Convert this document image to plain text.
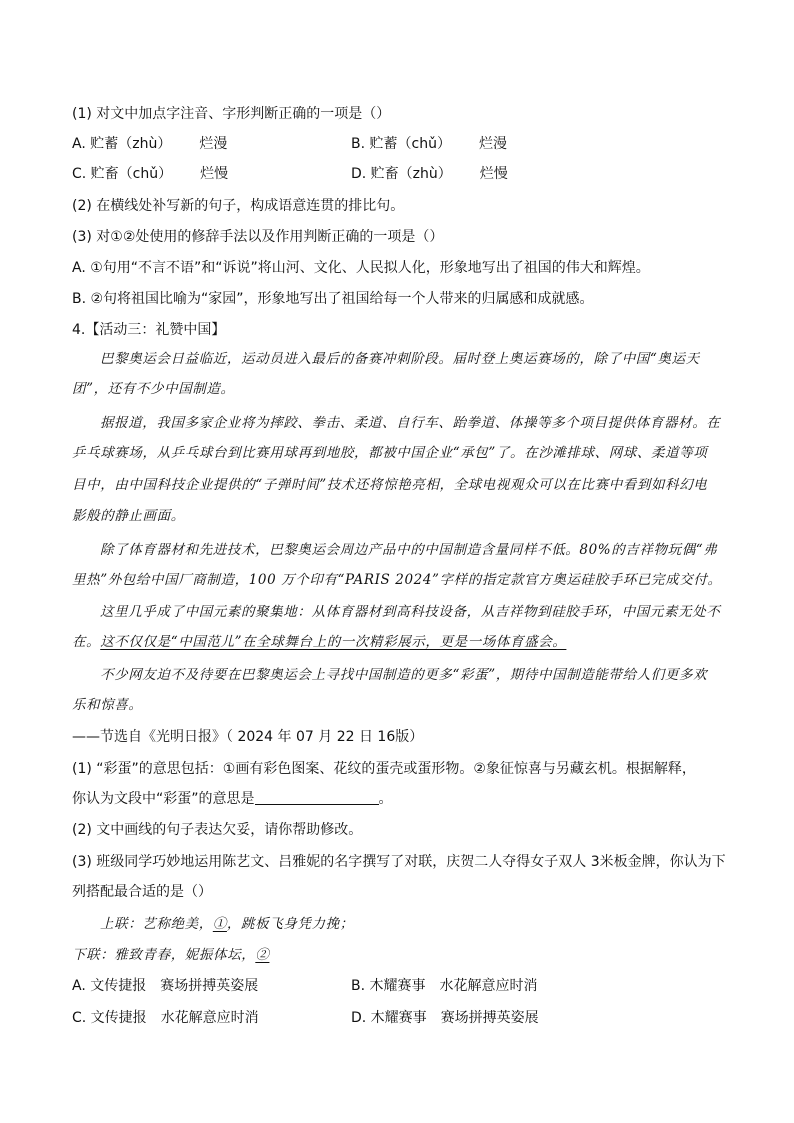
(1) 对文中加点字注音、字形判断正确的一项是（）
A. 贮蓄（zhù） 烂漫	B. 贮蓄（chǔ） 烂漫
C. 贮畜（chǔ） 烂慢	D. 贮畜（zhù） 烂慢
(2) 在横线处补写新的句子，构成语意连贯的排比句。
(3) 对①②处使用的修辞手法以及作用判断正确的一项是（）
A. ①句用“不言不语”和“诉说”将山河、文化、人民拟人化，形象地写出了祖国的伟大和辉煌。
B. ②句将祖国比喻为“家园”，形象地写出了祖国给每一个人带来的归属感和成就感。
4.【活动三：礼赞中国】
巴黎奥运会日益临近，运动员进入最后的备赛冲刺阶段。届时登上奥运赛场的，除了中国“奥运天
团”，还有不少中国制造。
据报道，我国多家企业将为摔跤、拳击、柔道、自行车、跆拳道、体操等多个项目提供体育器材。在
乒乓球赛场，从乒乓球台到比赛用球再到地胶，都被中国企业“承包”了。在沙滩排球、网球、柔道等项
目中，由中国科技企业提供的“子弹时间”技术还将惊艳亮相，全球电视观众可以在比赛中看到如科幻电
影般的静止画面。
除了体育器材和先进技术，巴黎奥运会周边产品中的中国制造含量同样不低。80%的吉祥物玩偶“弗
里热”外包给中国厂商制造，100 万个印有“PARIS 2024”字样的指定款官方奥运硅胶手环已完成交付。
这里几乎成了中国元素的聚集地：从体育器材到高科技设备，从吉祥物到硅胶手环，中国元素无处不
在。这不仅仅是“中国范儿”在全球舞台上的一次精彩展示，更是一场体育盛会。
不少网友迫不及待要在巴黎奥运会上寻找中国制造的更多“彩蛋”，期待中国制造能带给人们更多欢
乐和惊喜。
——节选自《光明日报》（ 2024 年 07 月 22 日 16版）
(1) “彩蛋”的意思包括：①画有彩色图案、花纹的蛋壳或蛋形物。②象征惊喜与另藏玄机。根据解释，
你认为文段中“彩蛋”的意思是	。
(2) 文中画线的句子表达欠妥，请你帮助修改。
(3) 班级同学巧妙地运用陈艺文、吕雅妮的名字撰写了对联，庆贺二人夺得女子双人 3米板金牌，你认为下
列搭配最合适的是（）
上联：艺称绝美，①，跳板飞身凭力挽；
下联：雅致青春，妮振体坛，②
A. 文传捷报 赛场拼搏英姿展	B. 木耀赛事 水花解意应时消
C. 文传捷报 水花解意应时消	D. 木耀赛事 赛场拼搏英姿展
